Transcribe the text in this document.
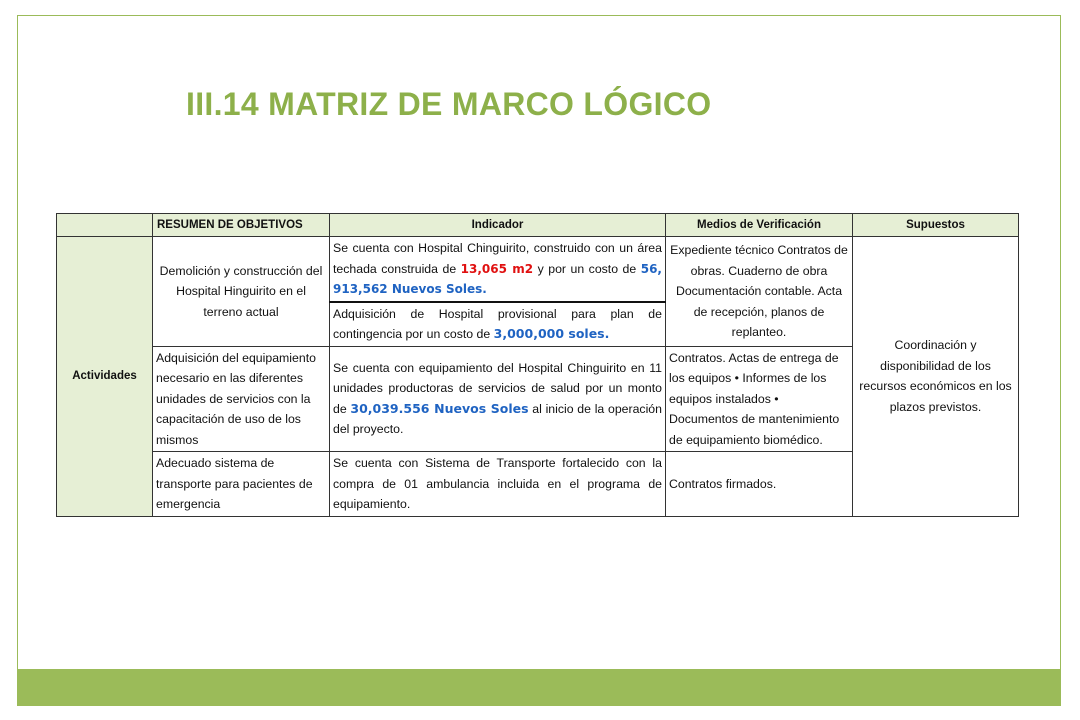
III.14 MATRIZ DE MARCO LÓGICO
	RESUMEN DE OBJETIVOS	Indicador	Medios de Verificación	Supuestos
Actividades	Demolición y construcción del Hospital Hinguirito en el terreno actual	Se cuenta con Hospital Chinguirito, construido con un área techada construida de 13,065 m2 y por un costo de 56, 913,562 Nuevos Soles.	Expediente técnico Contratos de obras. Cuaderno de obra Documentación contable. Acta de recepción, planos de replanteo.	Coordinación y disponibilidad de los recursos económicos en los plazos previstos.
		Adquisición de Hospital provisional para plan de contingencia por un costo de 3,000,000 soles.		
	Adquisición del equipamiento necesario en las diferentes unidades de servicios con la capacitación de uso de los mismos	Se cuenta con equipamiento del Hospital Chinguirito en 11 unidades productoras de servicios de salud por un monto de 30,039.556 Nuevos Soles al inicio de la operación del proyecto.	Contratos. Actas de entrega de los equipos • Informes de los equipos instalados • Documentos de mantenimiento de equipamiento biomédico.	
	Adecuado sistema de transporte para pacientes de emergencia	Se cuenta con Sistema de Transporte fortalecido con la compra de 01 ambulancia incluida en el programa de equipamiento.	Contratos firmados.	
